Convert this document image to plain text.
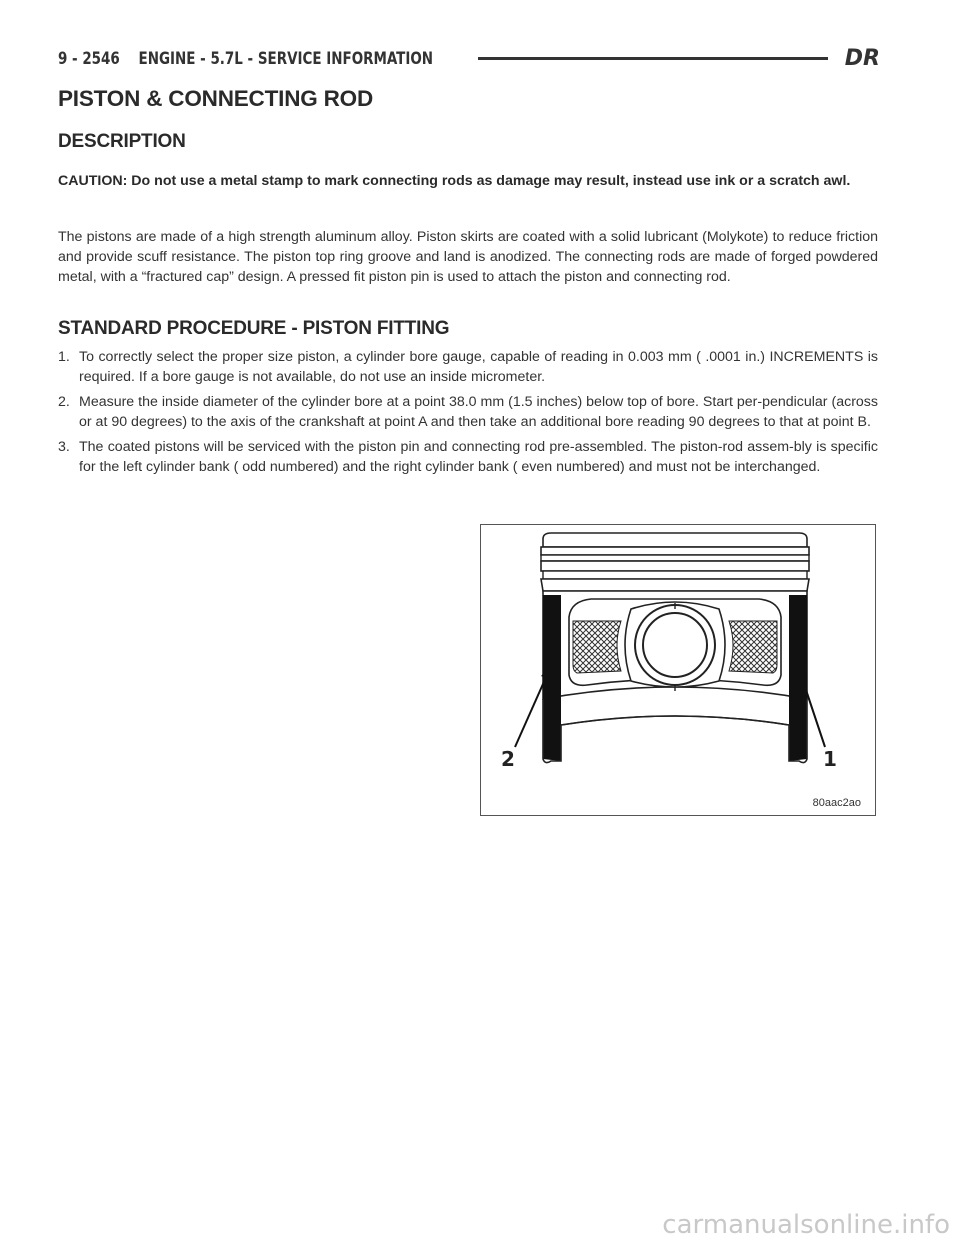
9 - 2546 ENGINE - 5.7L - SERVICE INFORMATION	DR
PISTON & CONNECTING ROD
DESCRIPTION

CAUTION: Do not use a metal stamp to mark connecting rods as damage may result, instead use ink or a scratch awl.

The pistons are made of a high strength aluminum alloy. Piston skirts are coated with a solid lubricant (Molykote) to reduce friction and provide scuff resistance. The piston top ring groove and land is anodized. The connecting rods are made of forged powdered metal, with a “fractured cap” design. A pressed fit piston pin is used to attach the piston and connecting rod.

STANDARD PROCEDURE - PISTON FITTING
1. To correctly select the proper size piston, a cylinder bore gauge, capable of reading in 0.003 mm ( .0001 in.) INCREMENTS is required. If a bore gauge is not available, do not use an inside micrometer.
2. Measure the inside diameter of the cylinder bore at a point 38.0 mm (1.5 inches) below top of bore. Start per-pendicular (across or at 90 degrees) to the axis of the crankshaft at point A and then take an additional bore reading 90 degrees to that at point B.
3. The coated pistons will be serviced with the piston pin and connecting rod pre-assembled. The piston-rod assem-bly is specific for the left cylinder bank ( odd numbered) and the right cylinder bank ( even numbered) and must not be interchanged.
2	1
80aac2ao
carmanualsonline.info
